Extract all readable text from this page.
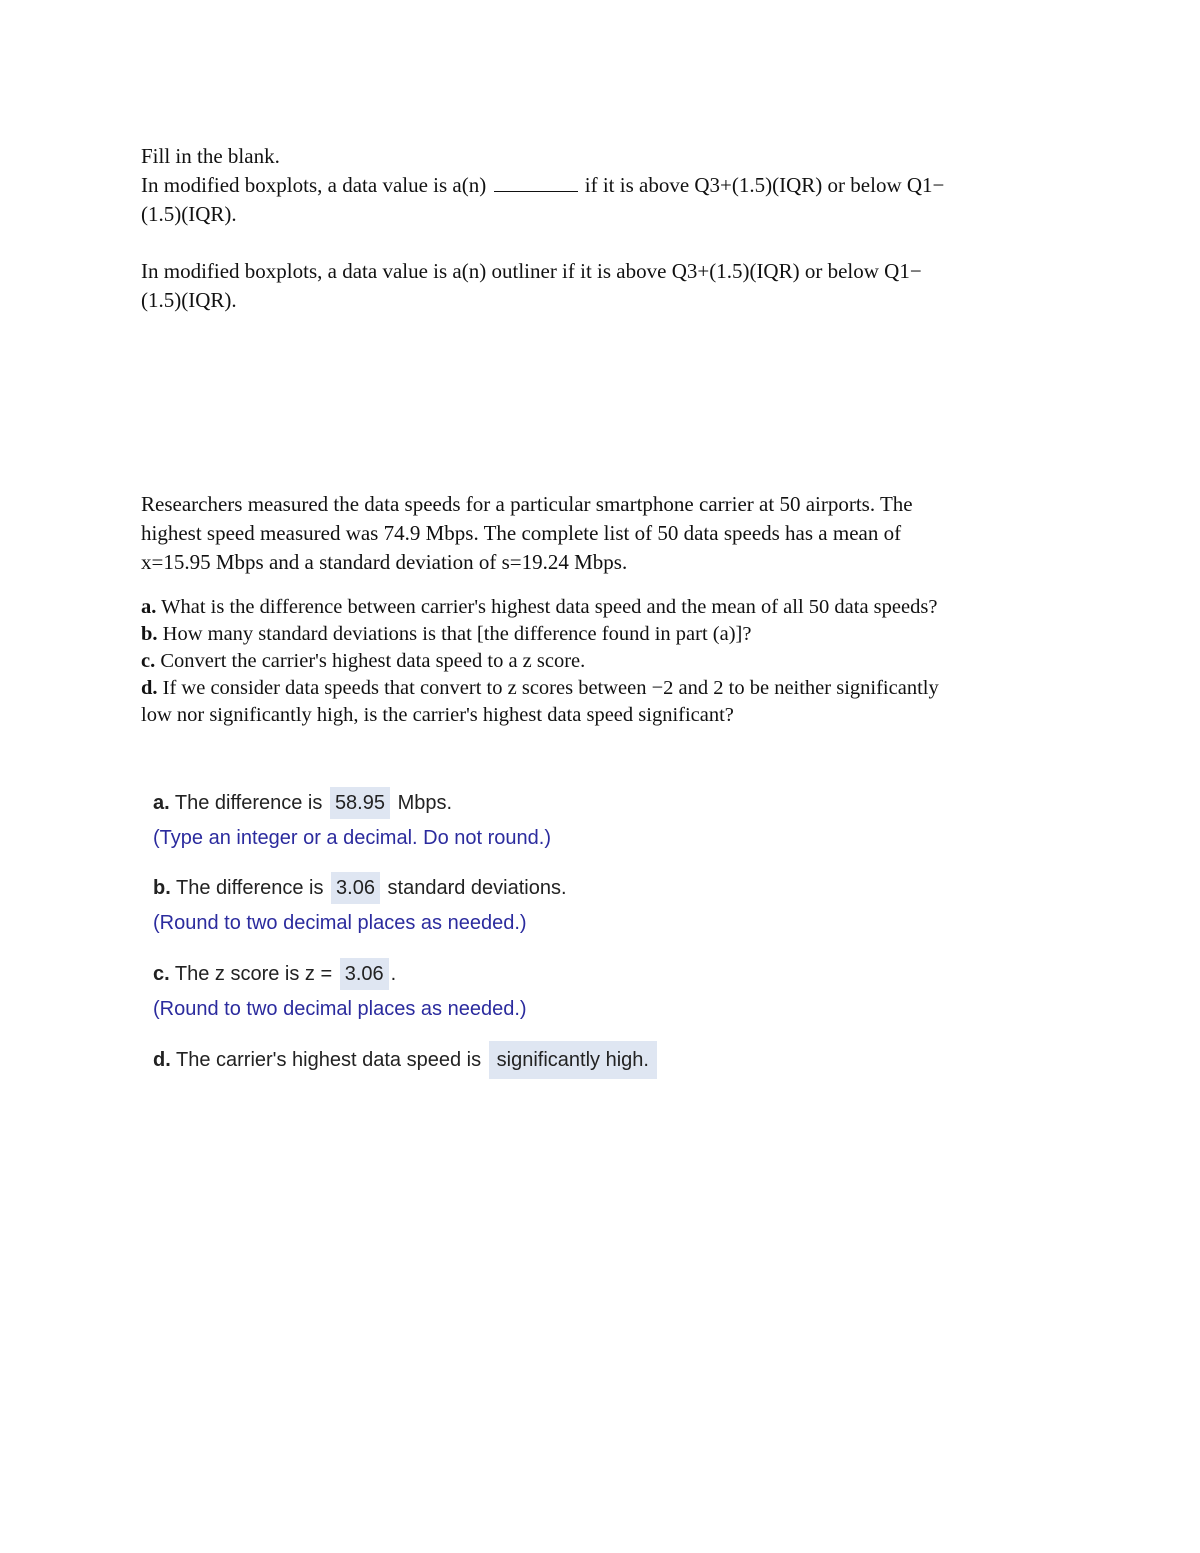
Fill in the blank.
In modified boxplots, a data value is a(n)	if it is above Q3+(1.5)(IQR) or below Q1−
(1.5)(IQR).
In modified boxplots, a data value is a(n) outliner if it is above Q3+(1.5)(IQR) or below Q1−
(1.5)(IQR).
Researchers measured the data speeds for a particular smartphone carrier at 50 airports. The
highest speed measured was 74.9 Mbps. The complete list of 50 data speeds has a mean of
x=15.95 Mbps and a standard deviation of s=19.24 Mbps.
a. What is the difference between carrier's highest data speed and the mean of all 50 data speeds?
b. How many standard deviations is that [the difference found in part (a)]?
c. Convert the carrier's highest data speed to a z score.
d. If we consider data speeds that convert to z scores between −2 and 2 to be neither significantly
low nor significantly high, is the carrier's highest data speed significant?
a. The difference is 58.95 Mbps.
(Type an integer or a decimal. Do not round.)
b. The difference is 3.06 standard deviations.
(Round to two decimal places as needed.)
c. The z score is z = 3.06 .
(Round to two decimal places as needed.)
d. The carrier's highest data speed is significantly high.
